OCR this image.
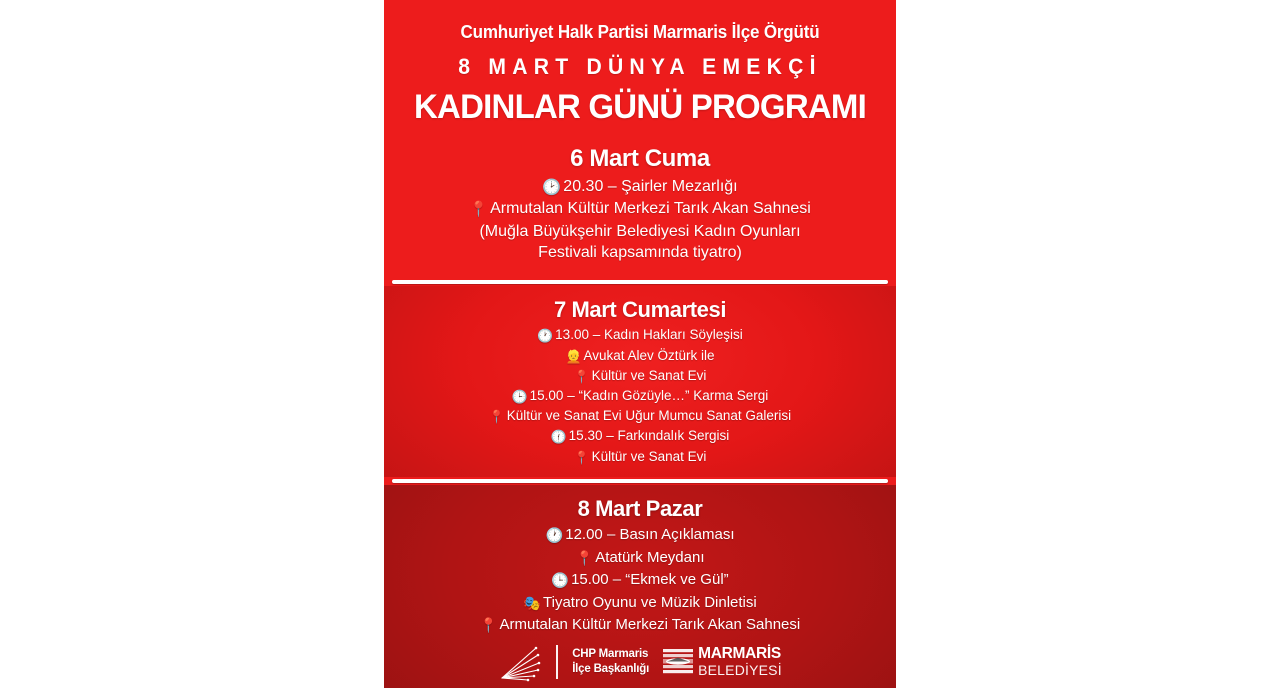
Cumhuriyet Halk Partisi Marmaris İlçe Örgütü
8 MART DÜNYA EMEKÇİ
KADINLAR GÜNÜ PROGRAMI
6 Mart Cuma
🕑 20.30 – Şairler Mezarlığı
📍 Armutalan Kültür Merkezi Tarık Akan Sahnesi
(Muğla Büyükşehir Belediyesi Kadın Oyunları
Festivali kapsamında tiyatro)
7 Mart Cumartesi
🕐 13.00 – Kadın Hakları Söyleşisi
👱 Avukat Alev Öztürk ile
📍 Kültür ve Sanat Evi
🕒 15.00 – “Kadın Gözüyle…” Karma Sergi
📍 Kültür ve Sanat Evi Uğur Mumcu Sanat Galerisi
🕧 15.30 – Farkındalık Sergisi
📍 Kültür ve Sanat Evi
8 Mart Pazar
🕐 12.00 – Basın Açıklaması
📍 Atatürk Meydanı
🕒 15.00 – “Ekmek ve Gül”
🎭 Tiyatro Oyunu ve Müzik Dinletisi
📍 Armutalan Kültür Merkezi Tarık Akan Sahnesi
CHP Marmaris
İlçe Başkanlığı
MARMARİS
BELEDİYESİ
